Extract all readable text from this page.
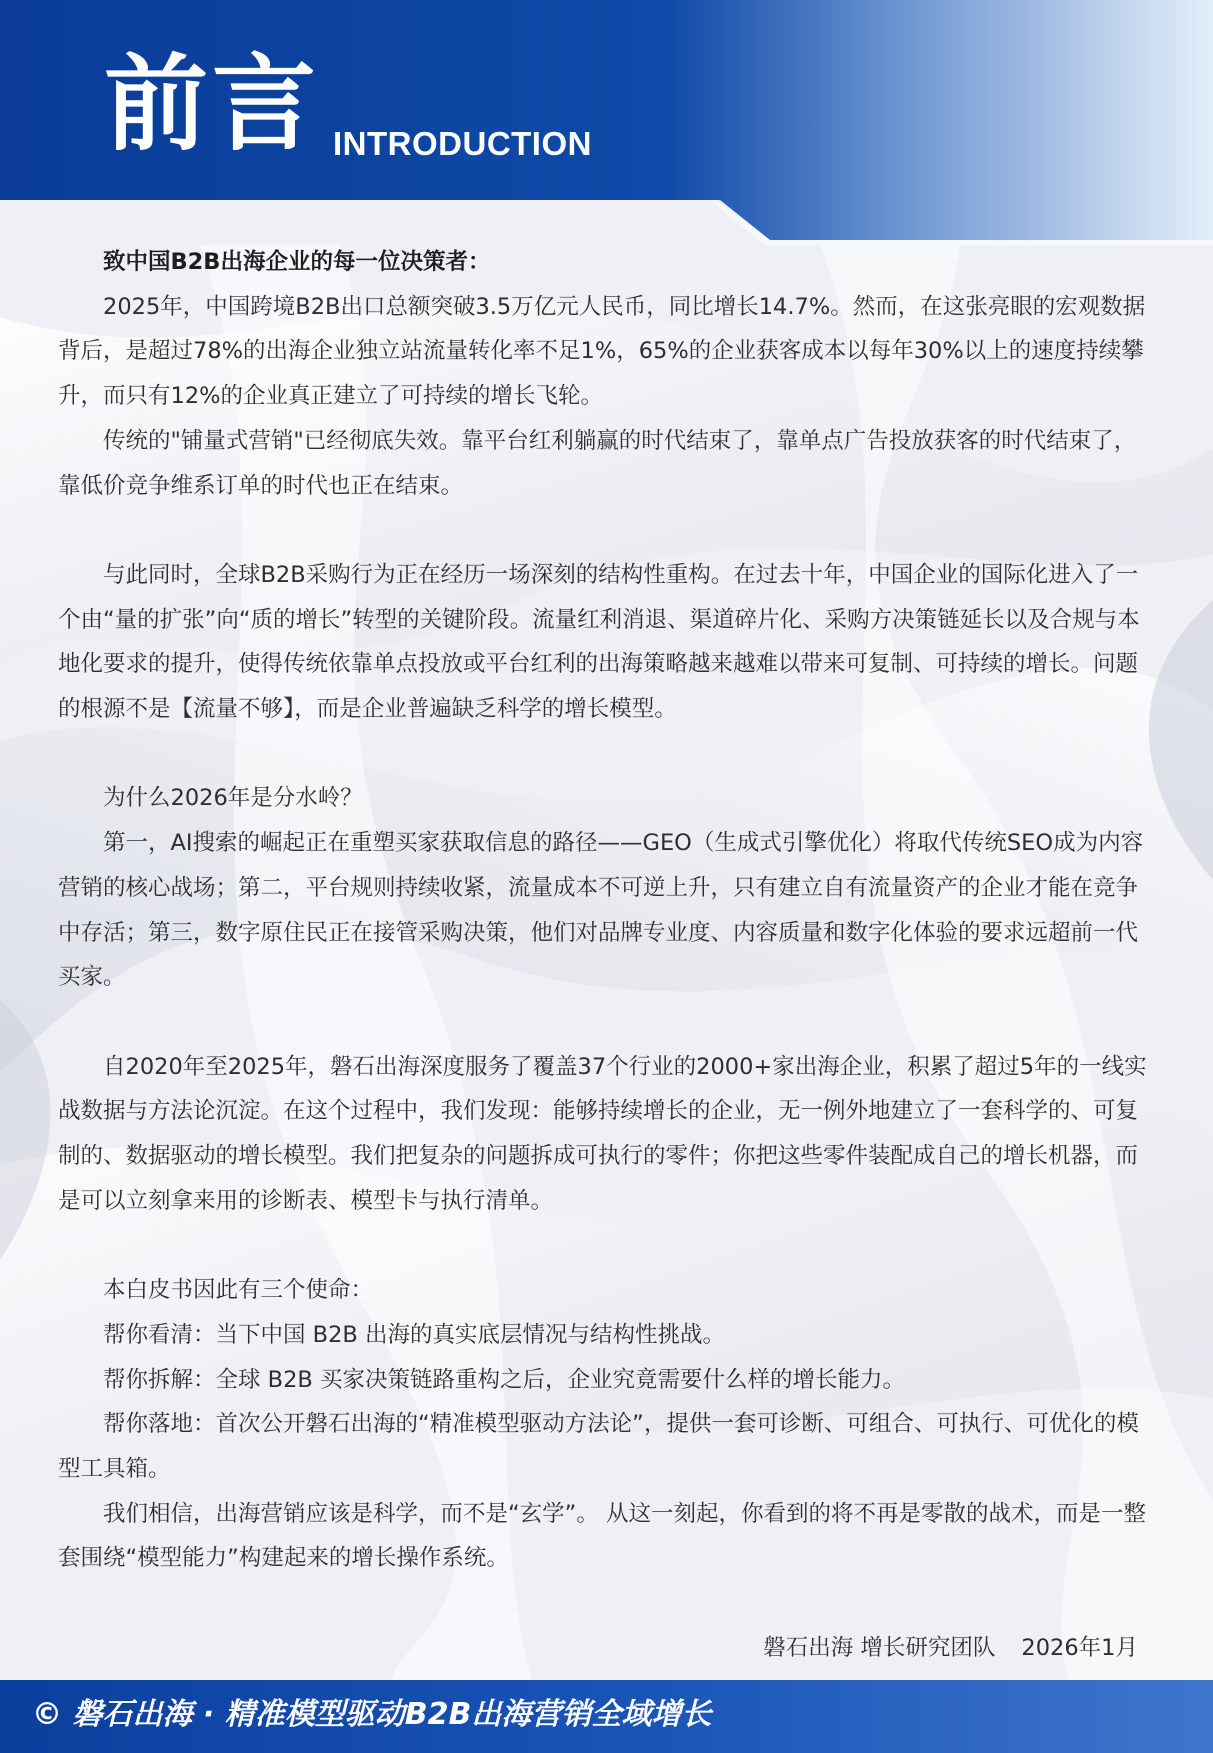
前言 INTRODUCTION

致中国B2B出海企业的每一位决策者：

2025年，中国跨境B2B出口总额突破3.5万亿元人民币，同比增长14.7%。然而，在这张亮眼的宏观数据背后，是超过78%的出海企业独立站流量转化率不足1%，65%的企业获客成本以每年30%以上的速度持续攀升，而只有12%的企业真正建立了可持续的增长飞轮。

传统的"铺量式营销"已经彻底失效。靠平台红利躺赢的时代结束了，靠单点广告投放获客的时代结束了，靠低价竞争维系订单的时代也正在结束。

与此同时，全球B2B采购行为正在经历一场深刻的结构性重构。在过去十年，中国企业的国际化进入了一个由“量的扩张”向“质的增长”转型的关键阶段。流量红利消退、渠道碎片化、采购方决策链延长以及合规与本地化要求的提升，使得传统依靠单点投放或平台红利的出海策略越来越难以带来可复制、可持续的增长。问题的根源不是【流量不够】，而是企业普遍缺乏科学的增长模型。

为什么2026年是分水岭？

第一，AI搜索的崛起正在重塑买家获取信息的路径——GEO（生成式引擎优化）将取代传统SEO成为内容营销的核心战场；第二，平台规则持续收紧，流量成本不可逆上升，只有建立自有流量资产的企业才能在竞争中存活；第三，数字原住民正在接管采购决策，他们对品牌专业度、内容质量和数字化体验的要求远超前一代买家。

自2020年至2025年，磐石出海深度服务了覆盖37个行业的2000+家出海企业，积累了超过5年的一线实战数据与方法论沉淀。在这个过程中，我们发现：能够持续增长的企业，无一例外地建立了一套科学的、可复制的、数据驱动的增长模型。我们把复杂的问题拆成可执行的零件；你把这些零件装配成自己的增长机器，而是可以立刻拿来用的诊断表、模型卡与执行清单。

本白皮书因此有三个使命：

帮你看清：当下中国 B2B 出海的真实底层情况与结构性挑战。

帮你拆解：全球 B2B 买家决策链路重构之后，企业究竟需要什么样的增长能力。

帮你落地：首次公开磐石出海的“精准模型驱动方法论”，提供一套可诊断、可组合、可执行、可优化的模型工具箱。

我们相信，出海营销应该是科学，而不是“玄学”。 从这一刻起，你看到的将不再是零散的战术，而是一整套围绕“模型能力”构建起来的增长操作系统。

磐石出海 增长研究团队 2026年1月

© 磐石出海 · 精准模型驱动B2B出海营销全域增长
